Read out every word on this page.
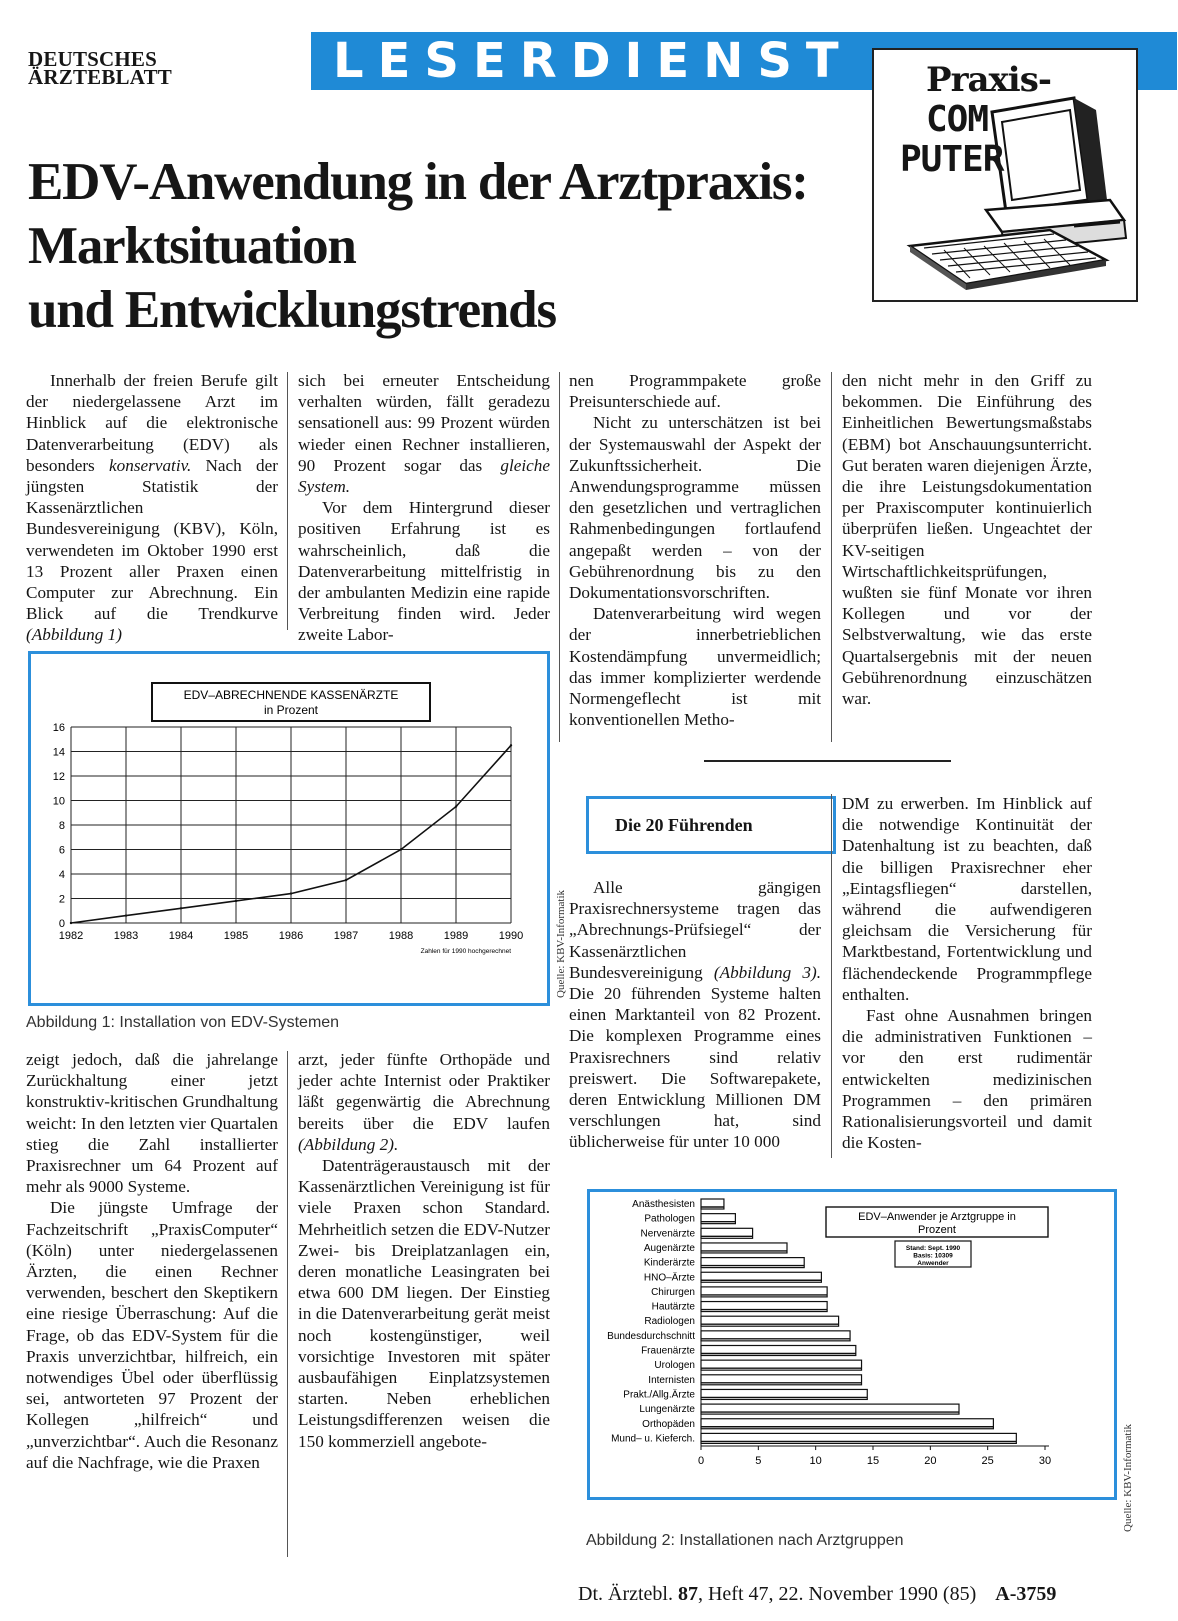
DEUTSCHES
ÄRZTEBLATT	LESERDIENST	Praxis-
COM
PUTER
EDV-Anwendung in der Arztpraxis:
Marktsituation
und Entwicklungstrends

Innerhalb der freien Berufe gilt der niedergelassene Arzt im Hinblick auf die elektronische Datenverarbeitung (EDV) als besonders konservativ. Nach der jüngsten Statistik der Kassenärztlichen Bundesvereinigung (KBV), Köln, verwendeten im Oktober 1990 erst 13 Prozent aller Praxen einen Computer zur Abrechnung. Ein Blick auf die Trendkurve (Abbildung 1)

sich bei erneuter Entscheidung verhalten würden, fällt geradezu sensationell aus: 99 Prozent würden wieder einen Rechner installieren, 90 Prozent sogar das gleiche System.

Vor dem Hintergrund dieser positiven Erfahrung ist es wahrscheinlich, daß die Datenverarbeitung mittelfristig in der ambulanten Medizin eine rapide Verbreitung finden wird. Jeder zweite Labor-

nen Programmpakete große Preisunterschiede auf.

Nicht zu unterschätzen ist bei der Systemauswahl der Aspekt der Zukunftssicherheit. Die Anwendungsprogramme müssen den gesetzlichen und vertraglichen Rahmenbedingungen fortlaufend angepaßt werden – von der Gebührenordnung bis zu den Dokumentationsvorschriften.

Datenverarbeitung wird wegen der innerbetrieblichen Kostendämpfung unvermeidlich; das immer komplizierter werdende Normengeflecht ist mit konventionellen Metho-

den nicht mehr in den Griff zu bekommen. Die Einführung des Einheitlichen Bewertungsmaßstabs (EBM) bot Anschauungsunterricht. Gut beraten waren diejenigen Ärzte, die ihre Leistungsdokumentation per Praxiscomputer kontinuierlich überprüfen ließen. Ungeachtet der KV-seitigen Wirtschaftlichkeitsprüfungen, wußten sie fünf Monate vor ihren Kollegen und vor der Selbstverwaltung, wie das erste Quartalsergebnis mit der neuen Gebührenordnung einzuschätzen war.

EDV–ABRECHNENDE KASSENÄRZTE
in Prozent
0
2
4
6
8
10
12
14
16
1982	1983	1984	1985	1986	1987	1988	1989	1990
Zahlen für 1990 hochgerechnet	Quelle: KBV-Informatik
Abbildung 1: Installation von EDV-Systemen

zeigt jedoch, daß die jahrelange Zurückhaltung einer jetzt konstruktiv-kritischen Grundhaltung weicht: In den letzten vier Quartalen stieg die Zahl installierter Praxisrechner um 64 Prozent auf mehr als 9000 Systeme.

Die jüngste Umfrage der Fachzeitschrift „PraxisComputer“ (Köln) unter niedergelassenen Ärzten, die einen Rechner verwenden, beschert den Skeptikern eine riesige Überraschung: Auf die Frage, ob das EDV-System für die Praxis unverzichtbar, hilfreich, ein notwendiges Übel oder überflüssig sei, antworteten 97 Prozent der Kollegen „hilfreich“ und „unverzichtbar“. Auch die Resonanz auf die Nachfrage, wie die Praxen

arzt, jeder fünfte Orthopäde und jeder achte Internist oder Praktiker läßt gegenwärtig die Abrechnung bereits über die EDV laufen (Abbildung 2).

Datenträgeraustausch mit der Kassenärztlichen Vereinigung ist für viele Praxen schon Standard. Mehrheitlich setzen die EDV-Nutzer Zwei- bis Dreiplatzanlagen ein, deren monatliche Leasingraten bei etwa 600 DM liegen. Der Einstieg in die Datenverarbeitung gerät meist noch kostengünstiger, weil vorsichtige Investoren mit später ausbaufähigen Einplatzsystemen starten. Neben erheblichen Leistungsdifferenzen weisen die 150 kommerziell angebote-

Die 20 Führenden

Alle gängigen Praxisrechnersysteme tragen das „Abrechnungs-Prüfsiegel“ der Kassenärztlichen Bundesvereinigung (Abbildung 3). Die 20 führenden Systeme halten einen Marktanteil von 82 Prozent. Die komplexen Programme eines Praxisrechners sind relativ preiswert. Die Softwarepakete, deren Entwicklung Millionen DM verschlungen hat, sind üblicherweise für unter 10 000

DM zu erwerben. Im Hinblick auf die notwendige Kontinuität der Datenhaltung ist zu beachten, daß die billigen Praxisrechner eher „Eintagsfliegen“ darstellen, während die aufwendigeren gleichsam die Versicherung für Marktbestand, Fortentwicklung und flächendeckende Programmpflege enthalten.

Fast ohne Ausnahmen bringen die administrativen Funktionen – vor den erst rudimentär entwickelten medizinischen Programmen – den primären Rationalisierungsvorteil und damit die Kosten-

Anästhesisten
Pathologen
Nervenärzte
Augenärzte
Kinderärzte
HNO–Ärzte
Chirurgen
Hautärzte
Radiologen
Bundesdurchschnitt
Frauenärzte
Urologen
Internisten
Prakt./Allg.Ärzte
Lungenärzte
Orthopäden
Mund– u. Kieferch.
0	5	10	15	20	25	30
EDV–Anwender je Arztgruppe in
Prozent
Stand: Sept. 1990
Basis: 10309
Anwender
Quelle: KBV-Informatik
Abbildung 2: Installationen nach Arztgruppen
Dt. Ärztebl. 87, Heft 47, 22. November 1990 (85) A-3759
